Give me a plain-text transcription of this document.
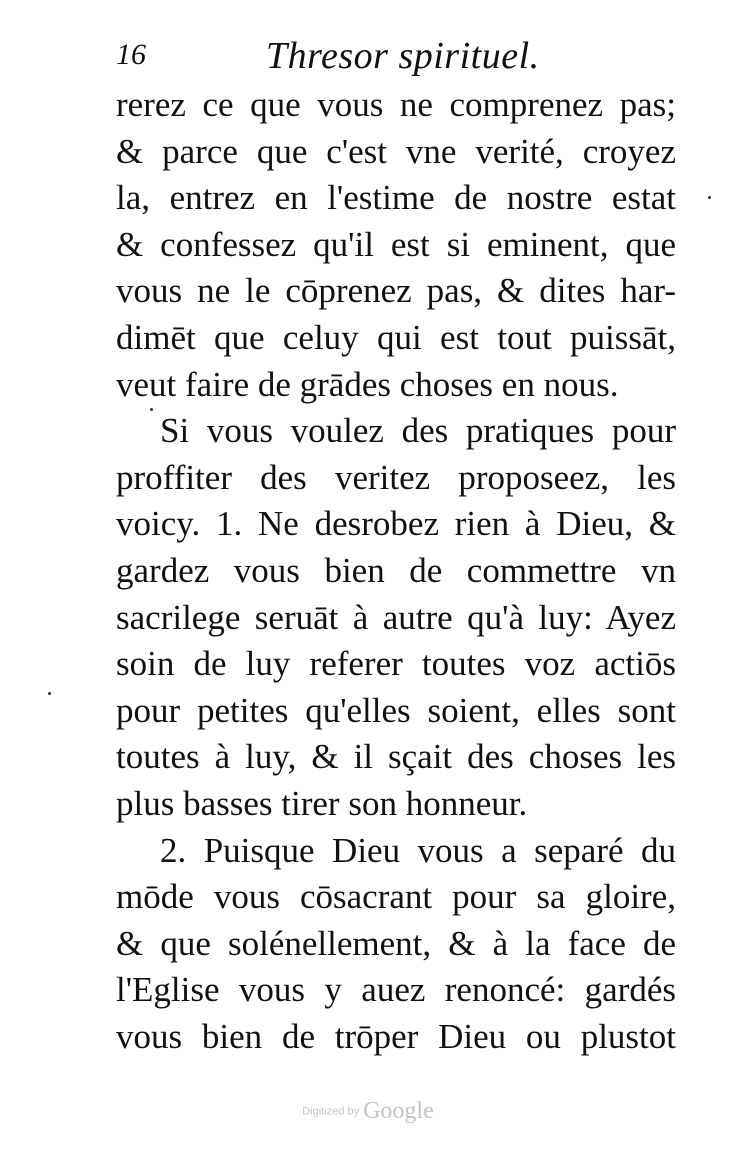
16	Thresor spirituel.
rerez ce que vous ne comprenez pas;
& parce que c'est vne verité, croyez
la, entrez en l'estime de nostre estat
& confessez qu'il est si eminent, que
vous ne le cōprenez pas, & dites har-
dimēt que celuy qui est tout puissāt,
veut faire de grādes choses en nous.
Si vous voulez des pratiques pour
proffiter des veritez proposeez, les
voicy. 1. Ne desrobez rien à Dieu, &
gardez vous bien de commettre vn
sacrilege seruāt à autre qu'à luy: Ayez
soin de luy referer toutes voz actiōs
pour petites qu'elles soient, elles sont
toutes à luy, & il sçait des choses les
plus basses tirer son honneur.
2. Puisque Dieu vous a separé du
mōde vous cōsacrant pour sa gloire,
& que solénellement, & à la face de
l'Eglise vous y auez renoncé: gardés
vous bien de trōper Dieu ou plustot
Digitized by Google
